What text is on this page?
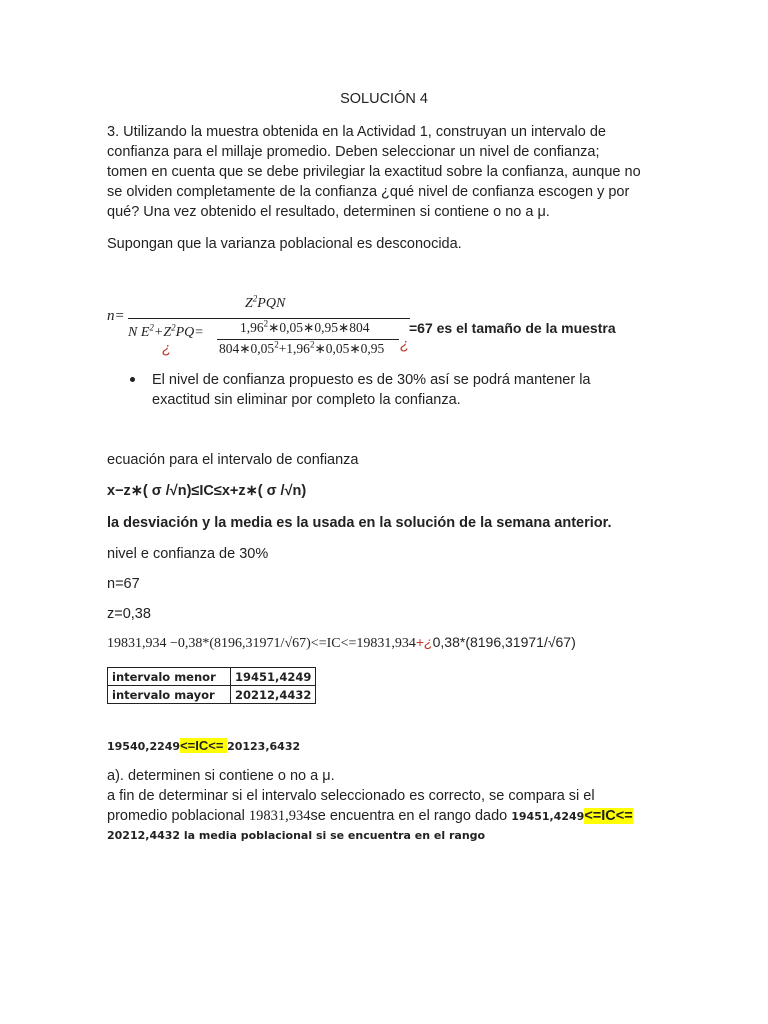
SOLUCIÓN 4
3. Utilizando la muestra obtenida en la Actividad 1, construyan un intervalo de
confianza para el millaje promedio. Deben seleccionar un nivel de confianza;
tomen en cuenta que se debe privilegiar la exactitud sobre la confianza, aunque no
se olviden completamente de la confianza ¿qué nivel de confianza escogen y por
qué? Una vez obtenido el resultado, determinen si contiene o no a μ.
Supongan que la varianza poblacional es desconocida.
n=
$Z^2PQN$
N $E^2+Z^2PQ=$
¿
1,96$^2$∗0,05∗0,95∗804
$804∗0,05^2+1,96^2∗0,05∗0,95$ ¿
=67 es el tamaño de la muestra
El nivel de confianza propuesto es de 30% así se podrá mantener la
exactitud sin eliminar por completo la confianza.
ecuación para el intervalo de confianza
x−z∗( σ /√n)≤IC≤x+z∗( σ /√n)
la desviación y la media es la usada en la solución de la semana anterior.
nivel e confianza de 30%
n=67
z=0,38
19831,934 −0,38*(8196,31971/√67)<=IC<=19831,934+¿0,38*(8196,31971/√67)
intervalo menor	19451,4249
intervalo mayor	20212,4432
19540,2249<=IC<= 20123,6432
a). determinen si contiene o no a μ.
a fin de determinar si el intervalo seleccionado es correcto, se compara si el
promedio poblacional 19831,934se encuentra en el rango dado 19451,4249<=IC<=
20212,4432 la media poblacional si se encuentra en el rango
